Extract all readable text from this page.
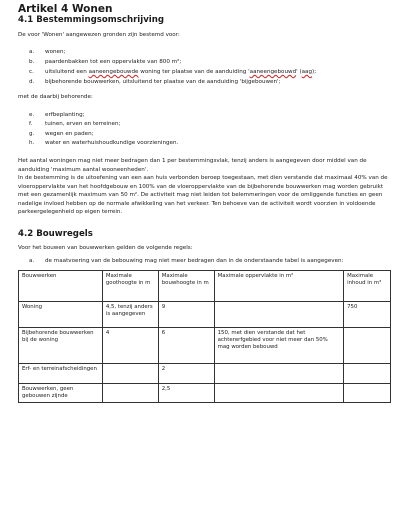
Artikel 4 Wonen
4.1 Bestemmingsomschrijving

De voor 'Wonen' aangewezen gronden zijn bestemd voor:

a.	wonen;
b.	paardenbakken tot een oppervlakte van 800 m²;
c.	uitsluitend een aaneengebouwde woning ter plaatse van de aanduiding 'aaneengebouwd' (aag);
d.	bijbehorende bouwwerken, uitsluitend ter plaatse van de aanduiding 'bijgebouwen';

met de daarbij behorende:

e.	erfbeplanting;
f.	tuinen, erven en terreinen;
g.	wegen en paden;
h.	water en waterhuishoudkundige voorzieningen.

Het aantal woningen mag niet meer bedragen dan 1 per bestemmingsvlak, tenzij anders is aangegeven door middel van de aanduiding 'maximum aantal wooneenheden'.

In de bestemming is de uitoefening van een aan huis verbonden beroep toegestaan, met dien verstande dat maximaal 40% van de vloeroppervlakte van het hoofdgebouw en 100% van de vloeroppervlakte van de bijbehorende bouwwerken mag worden gebruikt met een gezamenlijk maximum van 50 m². De activiteit mag niet leiden tot belemmeringen voor de omliggende functies en geen nadelige invloed hebben op de normale afwikkeling van het verkeer. Ten behoeve van de activiteit wordt voorzien in voldoende parkeergelegenheid op eigen terrein.

4.2 Bouwregels

Voor het bouwen van bouwwerken gelden de volgende regels:

a.	de maatvoering van de bebouwing mag niet meer bedragen dan in de onderstaande tabel is aangegeven:
Bouwwerken	Maximale goothoogte in m	Maximale bouwhoogte in m	Maximale oppervlakte in m²	Maximale inhoud in m³
Woning	4,5, tenzij anders is aangegeven	9		750
Bijbehorende bouwwerken bij de woning	4	6	150, met dien verstande dat het achtererfgebied voor niet meer dan 50% mag worden bebouwd	
Erf- en terreinafscheidingen		2		
Bouwwerken, geen gebouwen zijnde		2,5		
